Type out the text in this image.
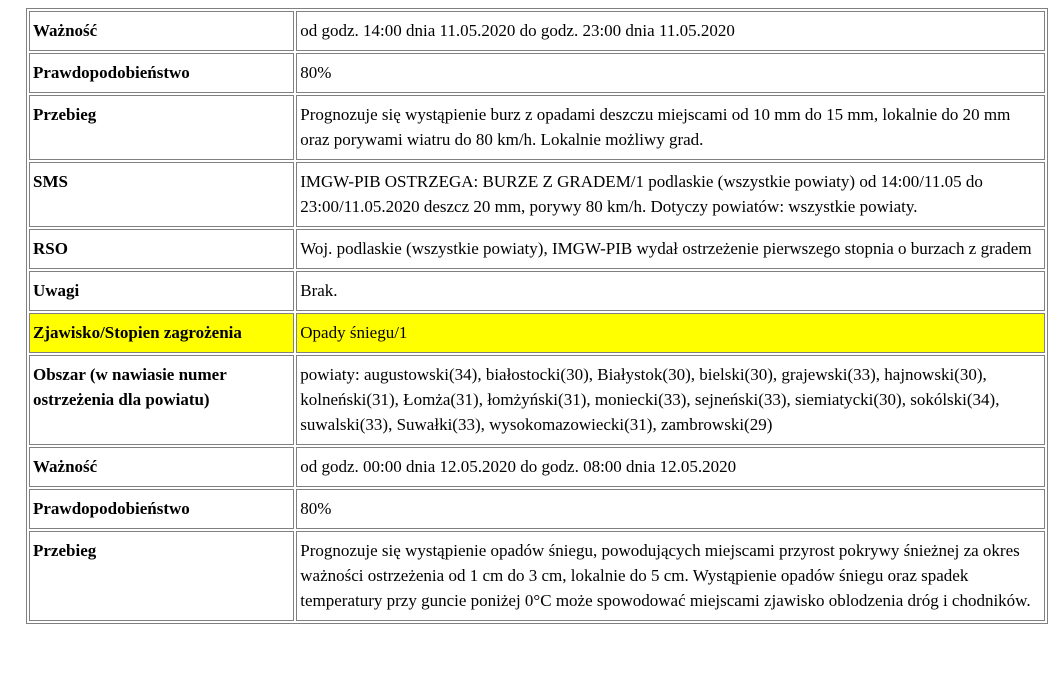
Ważność	od godz. 14:00 dnia 11.05.2020 do godz. 23:00 dnia 11.05.2020
Prawdopodobieństwo	80%
Przebieg	Prognozuje się wystąpienie burz z opadami deszczu miejscami od 10 mm do 15 mm, lokalnie do 20 mm oraz porywami wiatru do 80 km/h. Lokalnie możliwy grad.
SMS	IMGW-PIB OSTRZEGA: BURZE Z GRADEM/1 podlaskie (wszystkie powiaty) od 14:00/11.05 do 23:00/11.05.2020 deszcz 20 mm, porywy 80 km/h. Dotyczy powiatów: wszystkie powiaty.
RSO	Woj. podlaskie (wszystkie powiaty), IMGW-PIB wydał ostrzeżenie pierwszego stopnia o burzach z gradem
Uwagi	Brak.
Zjawisko/Stopien zagrożenia	Opady śniegu/1
Obszar (w nawiasie numer ostrzeżenia dla powiatu)	powiaty: augustowski(34), białostocki(30), Białystok(30), bielski(30), grajewski(33), hajnowski(30), kolneński(31), Łomża(31), łomżyński(31), moniecki(33), sejneński(33), siemiatycki(30), sokólski(34), suwalski(33), Suwałki(33), wysokomazowiecki(31), zambrowski(29)
Ważność	od godz. 00:00 dnia 12.05.2020 do godz. 08:00 dnia 12.05.2020
Prawdopodobieństwo	80%
Przebieg	Prognozuje się wystąpienie opadów śniegu, powodujących miejscami przyrost pokrywy śnieżnej za okres ważności ostrzeżenia od 1 cm do 3 cm, lokalnie do 5 cm. Wystąpienie opadów śniegu oraz spadek temperatury przy guncie poniżej 0°C może spowodować miejscami zjawisko oblodzenia dróg i chodników.
